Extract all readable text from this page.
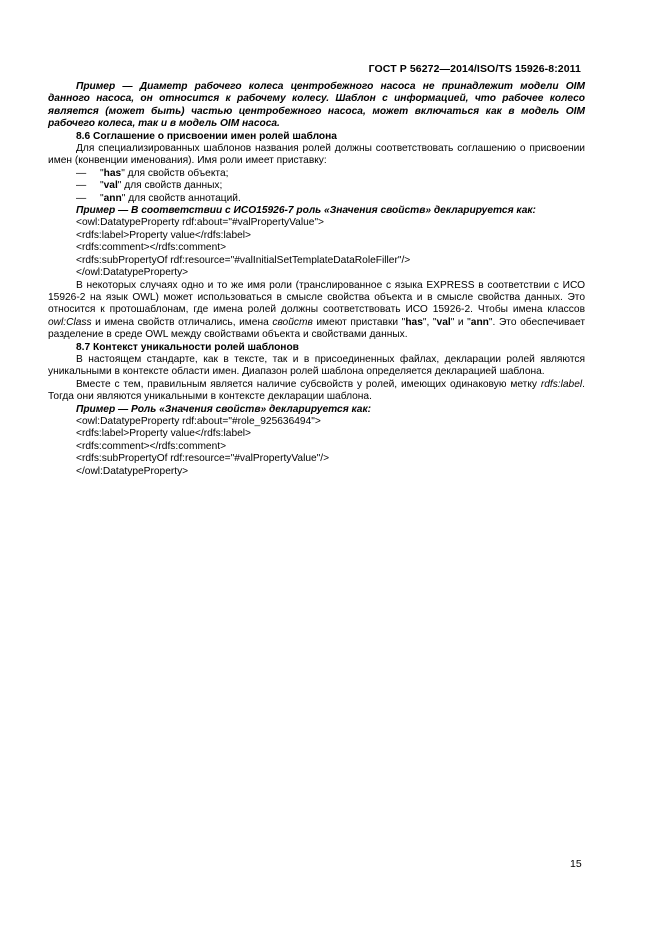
ГОСТ Р 56272—2014/ISO/TS 15926-8:2011

Пример — Диаметр рабочего колеса центробежного насоса не принадлежит модели OIM данного насоса, он относится к рабочему колесу. Шаблон с информацией, что рабочее колесо является (может быть) частью центробежного насоса, может включаться как в модель OIM рабочего колеса, так и в модель OIM насоса.

8.6 Соглашение о присвоении имен ролей шаблона

Для специализированных шаблонов названия ролей должны соответствовать соглашению о присвоении имен (конвенции именования). Имя роли имеет приставку:

— "has" для свойств объекта;
— "val" для свойств данных;
— "ann" для свойств аннотаций.

Пример — В соответствии с ИСО15926-7 роль «Значения свойств» декларируется как:

<owl:DatatypeProperty rdf:about="#valPropertyValue">

<rdfs:label>Property value</rdfs:label>

<rdfs:comment></rdfs:comment>

<rdfs:subPropertyOf rdf:resource="#valInitialSetTemplateDataRoleFiller"/>

</owl:DatatypeProperty>

В некоторых случаях одно и то же имя роли (транслированное с языка EXPRESS в соответствии с ИСО 15926-2 на язык OWL) может использоваться в смысле свойства объекта и в смысле свойства данных. Это относится к протошаблонам, где имена ролей должны соответствовать ИСО 15926-2. Чтобы имена классов owl:Class и имена свойств отличались, имена свойств имеют приставки "has", "val" и "ann". Это обеспечивает разделение в среде OWL между свойствами объекта и свойствами данных.

8.7 Контекст уникальности ролей шаблонов

В настоящем стандарте, как в тексте, так и в присоединенных файлах, декларации ролей являются уникальными в контексте области имен. Диапазон ролей шаблона определяется декларацией шаблона.

Вместе с тем, правильным является наличие субсвойств у ролей, имеющих одинаковую метку rdfs:label. Тогда они являются уникальными в контексте декларации шаблона.

Пример — Роль «Значения свойств» декларируется как:

<owl:DatatypeProperty rdf:about="#role_925636494">

<rdfs:label>Property value</rdfs:label>

<rdfs:comment></rdfs:comment>

<rdfs:subPropertyOf rdf:resource="#valPropertyValue"/>

</owl:DatatypeProperty>

15
